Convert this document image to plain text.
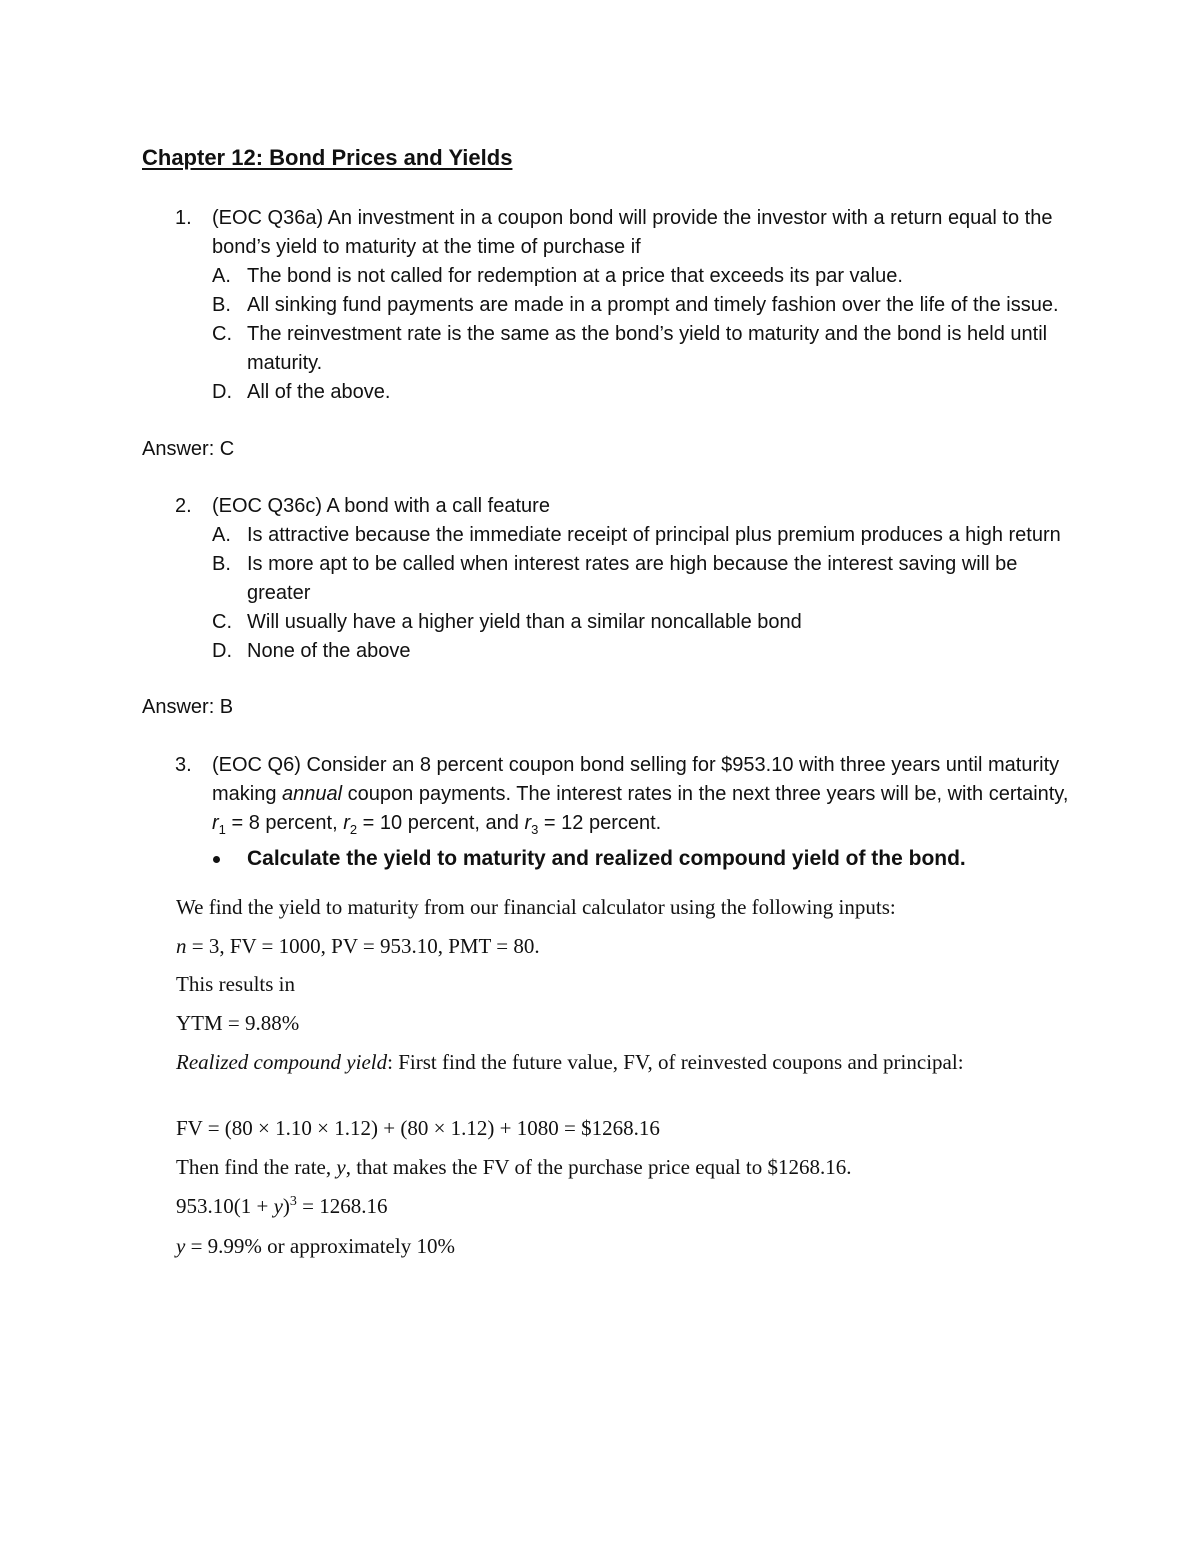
Chapter 12: Bond Prices and Yields
1. (EOC Q36a) An investment in a coupon bond will provide the investor with a return equal to the bond’s yield to maturity at the time of purchase if
A. The bond is not called for redemption at a price that exceeds its par value.
B. All sinking fund payments are made in a prompt and timely fashion over the life of the issue.
C. The reinvestment rate is the same as the bond’s yield to maturity and the bond is held until maturity.
D. All of the above.
Answer: C
2. (EOC Q36c) A bond with a call feature
A. Is attractive because the immediate receipt of principal plus premium produces a high return
B. Is more apt to be called when interest rates are high because the interest saving will be greater
C. Will usually have a higher yield than a similar noncallable bond
D. None of the above
Answer: B
3. (EOC Q6) Consider an 8 percent coupon bond selling for $953.10 with three years until maturity making annual coupon payments. The interest rates in the next three years will be, with certainty, $r_1 = 8$ percent, $r_2 = 10$ percent, and $r_3 = 12$ percent.
Calculate the yield to maturity and realized compound yield of the bond.
We find the yield to maturity from our financial calculator using the following inputs:
n = 3, FV = 1000, PV = 953.10, PMT = 80.
This results in
YTM = 9.88%
Realized compound yield: First find the future value, FV, of reinvested coupons and principal:
FV = (80 × 1.10 × 1.12) + (80 × 1.12) + 1080 = $1268.16
Then find the rate, y, that makes the FV of the purchase price equal to $1268.16.
$953.10(1 + y)^3 = 1268.16$
y = 9.99% or approximately 10%
